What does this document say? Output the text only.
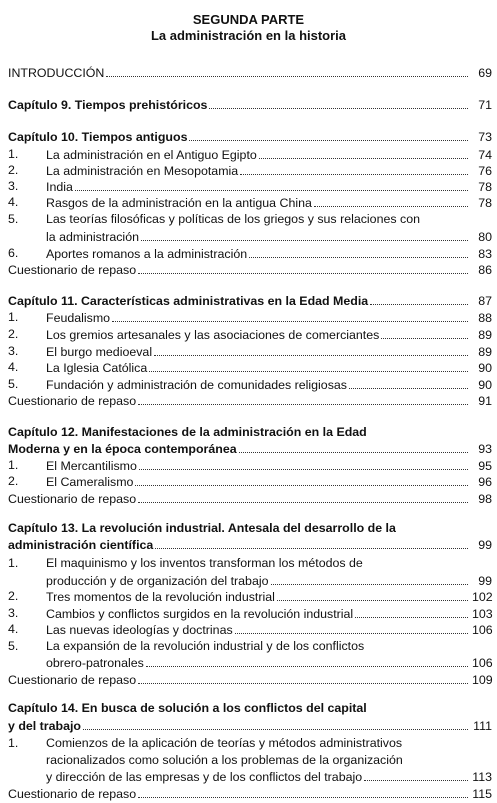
SEGUNDA PARTE
La administración en la historia
INTRODUCCIÓN	69
Capítulo 9. Tiempos prehistóricos	71
Capítulo 10. Tiempos antiguos	73
1. La administración en el Antiguo Egipto	74
2. La administración en Mesopotamia	76
3. India	78
4. Rasgos de la administración en la antigua China	78
5. Las teorías filosóficas y políticas de los griegos y sus relaciones con
la administración	80
6. Aportes romanos a la administración	83
Cuestionario de repaso	86
Capítulo 11. Características administrativas en la Edad Media	87
1. Feudalismo	88
2. Los gremios artesanales y las asociaciones de comerciantes	89
3. El burgo medioeval	89
4. La Iglesia Católica	90
5. Fundación y administración de comunidades religiosas	90
Cuestionario de repaso	91
Capítulo 12. Manifestaciones de la administración en la Edad
Moderna y en la época contemporánea	93
1. El Mercantilismo	95
2. El Cameralismo	96
Cuestionario de repaso	98
Capítulo 13. La revolución industrial. Antesala del desarrollo de la
administración científica	99
1. El maquinismo y los inventos transforman los métodos de
producción y de organización del trabajo	99
2. Tres momentos de la revolución industrial	102
3. Cambios y conflictos surgidos en la revolución industrial	103
4. Las nuevas ideologías y doctrinas	106
5. La expansión de la revolución industrial y de los conflictos
obrero-patronales	106
Cuestionario de repaso	109
Capítulo 14. En busca de solución a los conflictos del capital
y del trabajo	111
1. Comienzos de la aplicación de teorías y métodos administrativos
racionalizados como solución a los problemas de la organización
y dirección de las empresas y de los conflictos del trabajo	113
Cuestionario de repaso	115
